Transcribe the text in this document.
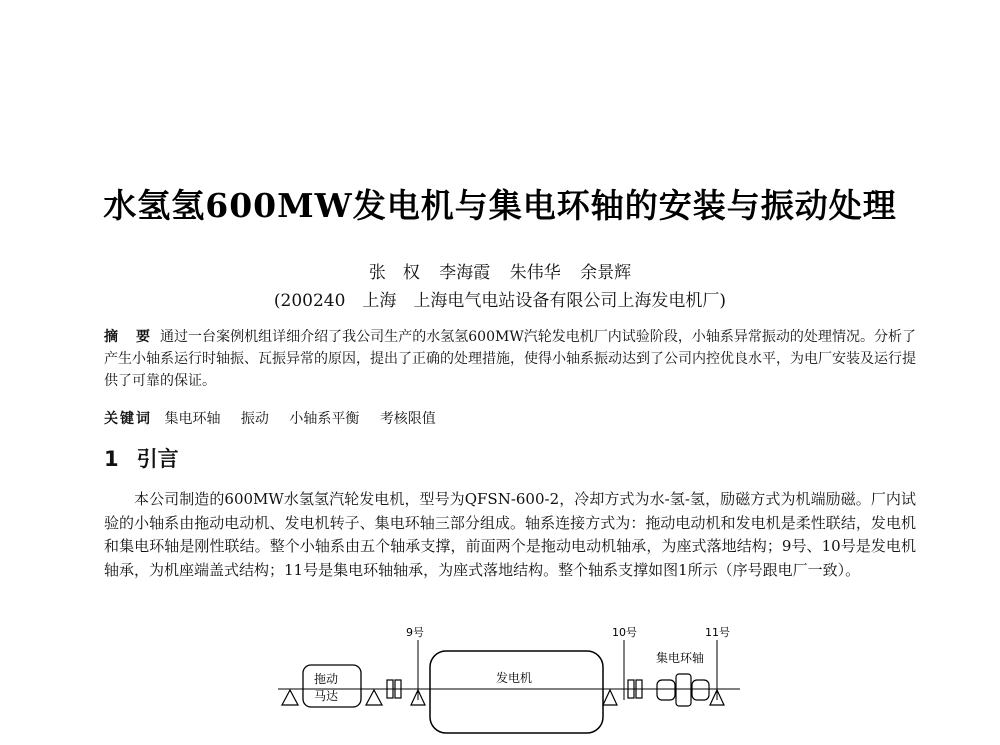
水氢氢600MW发电机与集电环轴的安装与振动处理
张　权 李海霞 朱伟华 余景辉
(200240　上海　上海电气电站设备有限公司上海发电机厂)
摘　要 通过一台案例机组详细介绍了我公司生产的水氢氢600MW汽轮发电机厂内试验阶段，小轴系异常振动的处理情况。分析了产生小轴系运行时轴振、瓦振异常的原因，提出了正确的处理措施，使得小轴系振动达到了公司内控优良水平，为电厂安装及运行提供了可靠的保证。
关键词 集电环轴 振动 小轴系平衡 考核限值
1 引言
本公司制造的600MW水氢氢汽轮发电机，型号为QFSN-600-2，冷却方式为水-氢-氢，励磁方式为机端励磁。厂内试验的小轴系由拖动电动机、发电机转子、集电环轴三部分组成。轴系连接方式为：拖动电动机和发电机是柔性联结，发电机和集电环轴是刚性联结。整个小轴系由五个轴承支撑，前面两个是拖动电动机轴承，为座式落地结构；9号、10号是发电机轴承，为机座端盖式结构；11号是集电环轴轴承，为座式落地结构。整个轴系支撑如图1所示（序号跟电厂一致）。
9号	10号	11号
拖动
马达
发电机
集电环轴
